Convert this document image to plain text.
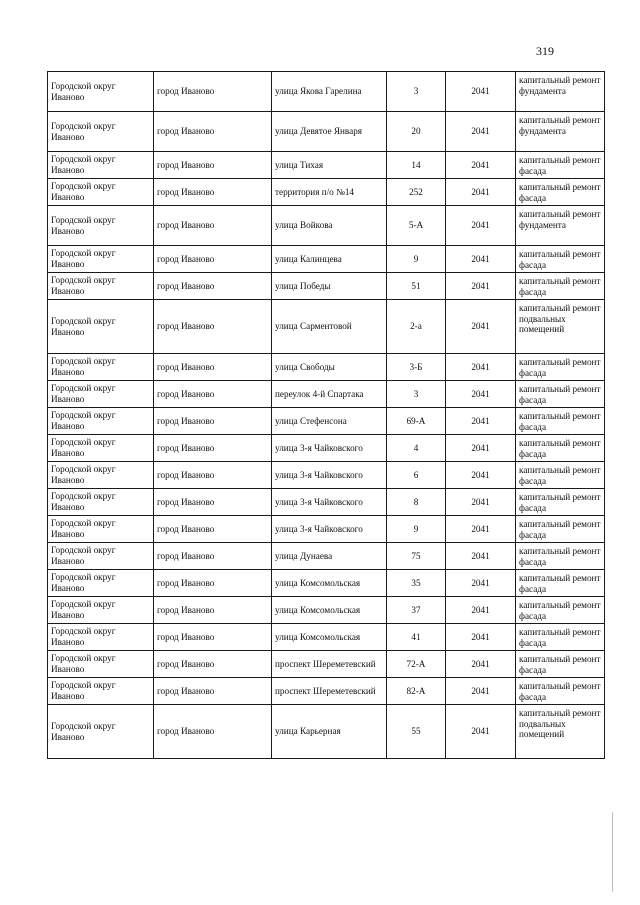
319
Городской округ Иваново	город Иваново	улица Якова Гарелина	3	2041	капитальный ремонт фундамента
Городской округ Иваново	город Иваново	улица Девятое Января	20	2041	капитальный ремонт фундамента
Городской округ Иваново	город Иваново	улица Тихая	14	2041	капитальный ремонт фасада
Городской округ Иваново	город Иваново	территория п/о №14	252	2041	капитальный ремонт фасада
Городской округ Иваново	город Иваново	улица Войкова	5-А	2041	капитальный ремонт фундамента
Городской округ Иваново	город Иваново	улица Калинцева	9	2041	капитальный ремонт фасада
Городской округ Иваново	город Иваново	улица Победы	51	2041	капитальный ремонт фасада
Городской округ Иваново	город Иваново	улица Сарментовой	2-а	2041	капитальный ремонт подвальных помещений
Городской округ Иваново	город Иваново	улица Свободы	3-Б	2041	капитальный ремонт фасада
Городской округ Иваново	город Иваново	переулок 4-й Спартака	3	2041	капитальный ремонт фасада
Городской округ Иваново	город Иваново	улица Стефенсона	69-А	2041	капитальный ремонт фасада
Городской округ Иваново	город Иваново	улица 3-я Чайковского	4	2041	капитальный ремонт фасада
Городской округ Иваново	город Иваново	улица 3-я Чайковского	6	2041	капитальный ремонт фасада
Городской округ Иваново	город Иваново	улица 3-я Чайковского	8	2041	капитальный ремонт фасада
Городской округ Иваново	город Иваново	улица 3-я Чайковского	9	2041	капитальный ремонт фасада
Городской округ Иваново	город Иваново	улица Дунаева	75	2041	капитальный ремонт фасада
Городской округ Иваново	город Иваново	улица Комсомольская	35	2041	капитальный ремонт фасада
Городской округ Иваново	город Иваново	улица Комсомольская	37	2041	капитальный ремонт фасада
Городской округ Иваново	город Иваново	улица Комсомольская	41	2041	капитальный ремонт фасада
Городской округ Иваново	город Иваново	проспект Шереметевский	72-А	2041	капитальный ремонт фасада
Городской округ Иваново	город Иваново	проспект Шереметевский	82-А	2041	капитальный ремонт фасада
Городской округ Иваново	город Иваново	улица Карьерная	55	2041	капитальный ремонт подвальных помещений
